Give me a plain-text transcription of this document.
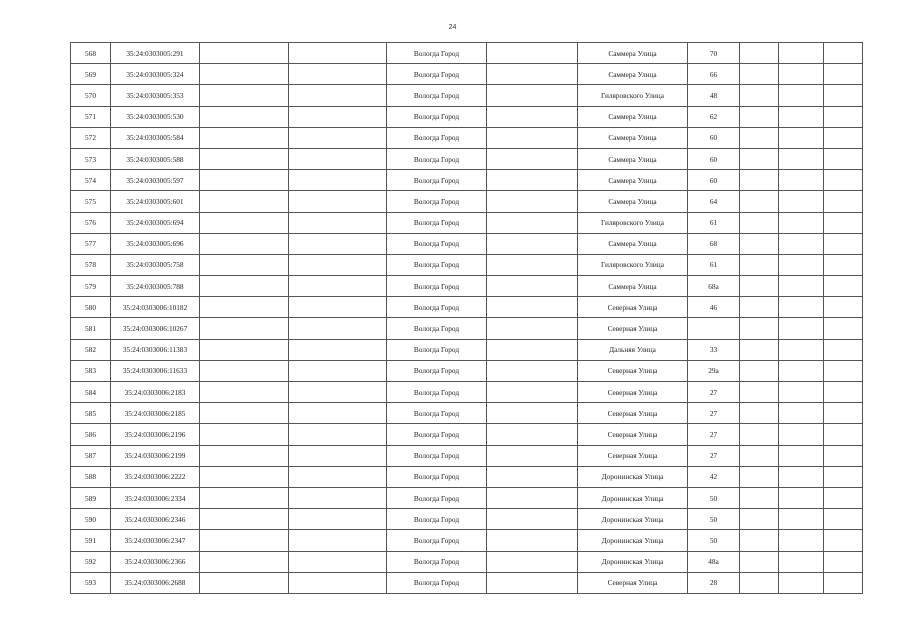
24
568	35:24:0303005:291			Вологда Город		Саммера Улица	70			
569	35:24:0303005:324			Вологда Город		Саммера Улица	66			
570	35:24:0303005:353			Вологда Город		Гиляровского Улица	48			
571	35:24:0303005:530			Вологда Город		Саммера Улица	62			
572	35:24:0303005:584			Вологда Город		Саммера Улица	60			
573	35:24:0303005:588			Вологда Город		Саммера Улица	60			
574	35:24:0303005:597			Вологда Город		Саммера Улица	60			
575	35:24:0303005:601			Вологда Город		Саммера Улица	64			
576	35:24:0303005:694			Вологда Город		Гиляровского Улица	61			
577	35:24:0303005:696			Вологда Город		Саммера Улица	68			
578	35:24:0303005:758			Вологда Город		Гиляровского Улица	61			
579	35:24:0303005:788			Вологда Город		Саммера Улица	68а			
580	35:24:0303006:10182			Вологда Город		Северная Улица	46			
581	35:24:0303006:10267			Вологда Город		Северная Улица				
582	35:24:0303006:11383			Вологда Город		Дальняя Улица	33			
583	35:24:0303006:11633			Вологда Город		Северная Улица	29а			
584	35:24:0303006:2183			Вологда Город		Северная Улица	27			
585	35:24:0303006:2185			Вологда Город		Северная Улица	27			
586	35:24:0303006:2196			Вологда Город		Северная Улица	27			
587	35:24:0303006:2199			Вологда Город		Северная Улица	27			
588	35:24:0303006:2222			Вологда Город		Доронинская Улица	42			
589	35:24:0303006:2334			Вологда Город		Доронинская Улица	50			
590	35:24:0303006:2346			Вологда Город		Доронинская Улица	50			
591	35:24:0303006:2347			Вологда Город		Доронинская Улица	50			
592	35:24:0303006:2366			Вологда Город		Доронинская Улица	48а			
593	35:24:0303006:2688			Вологда Город		Северная Улица	28			
